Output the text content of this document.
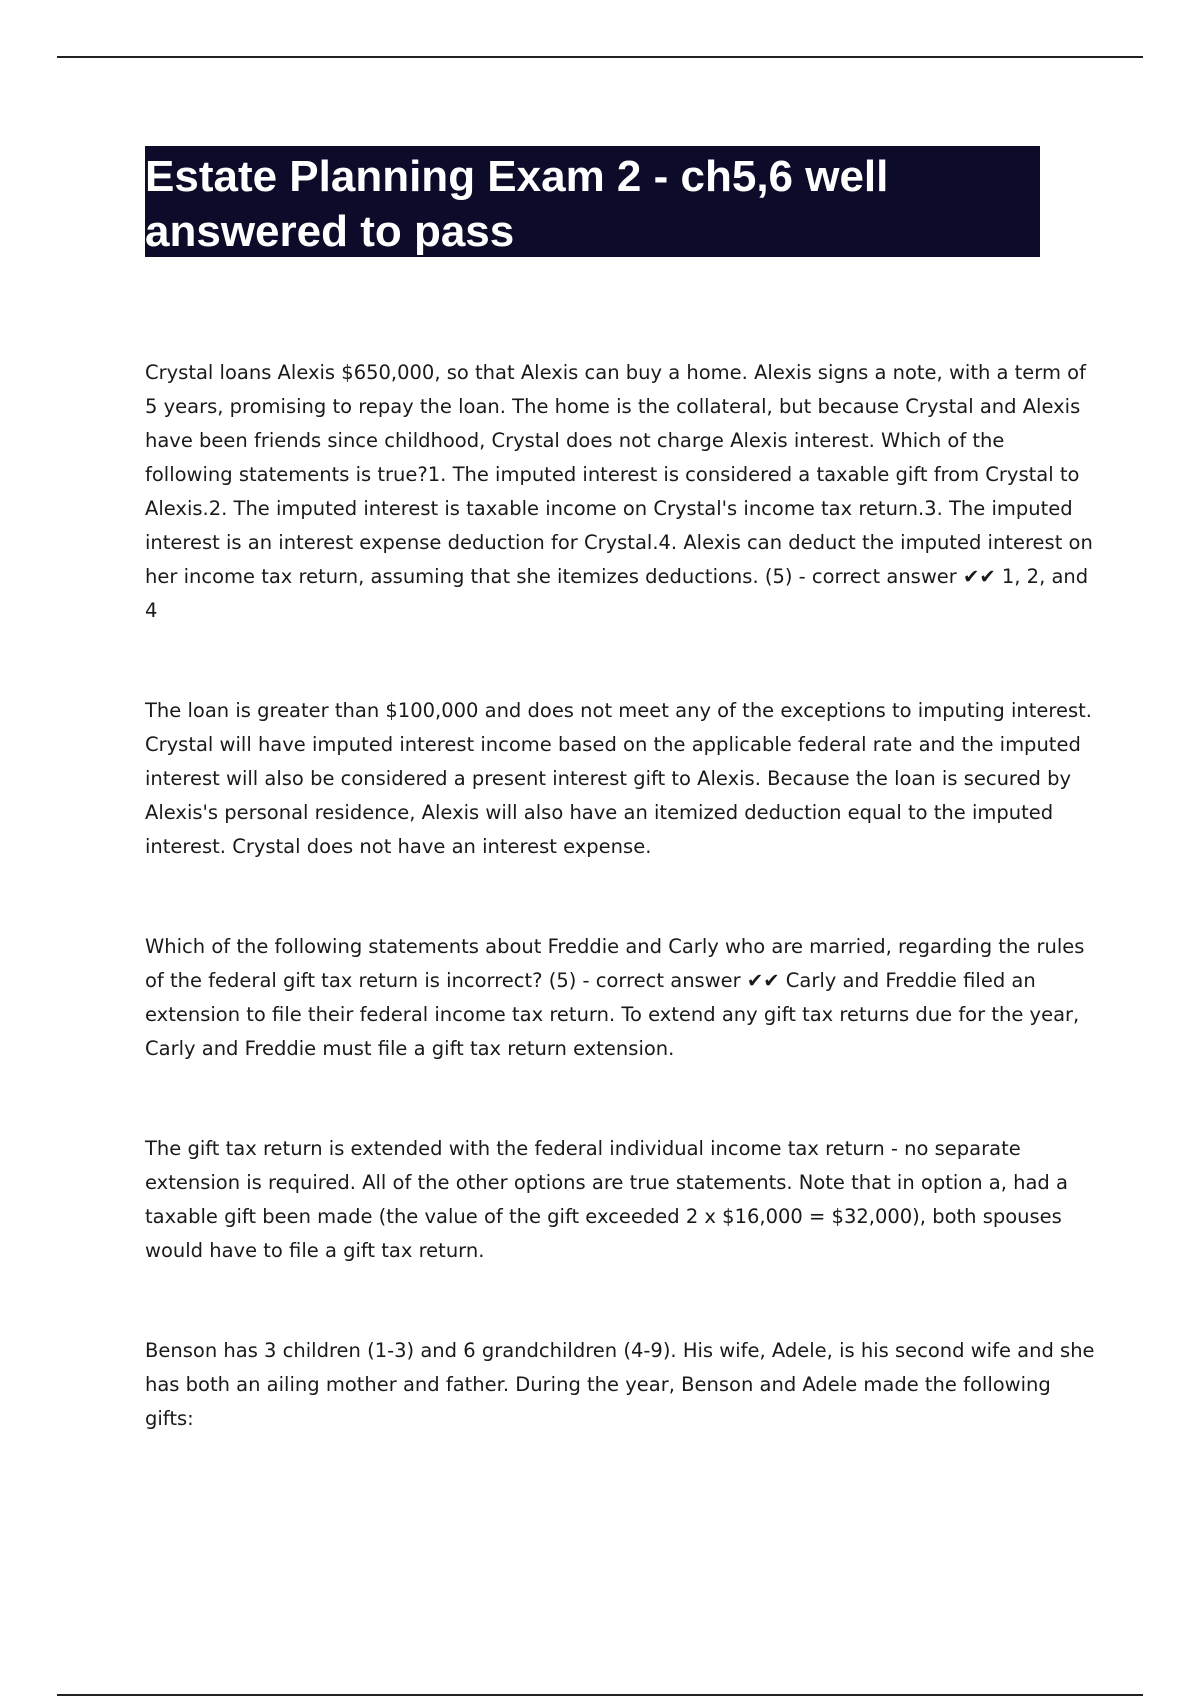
Estate Planning Exam 2 - ch5,6 well answered to pass

Crystal loans Alexis $650,000, so that Alexis can buy a home. Alexis signs a note, with a term of 5 years, promising to repay the loan. The home is the collateral, but because Crystal and Alexis have been friends since childhood, Crystal does not charge Alexis interest. Which of the following statements is true?1. The imputed interest is considered a taxable gift from Crystal to Alexis.2. The imputed interest is taxable income on Crystal's income tax return.3. The imputed interest is an interest expense deduction for Crystal.4. Alexis can deduct the imputed interest on her income tax return, assuming that she itemizes deductions. (5) - correct answer ✔✔ 1, 2, and 4

The loan is greater than $100,000 and does not meet any of the exceptions to imputing interest. Crystal will have imputed interest income based on the applicable federal rate and the imputed interest will also be considered a present interest gift to Alexis. Because the loan is secured by Alexis's personal residence, Alexis will also have an itemized deduction equal to the imputed interest. Crystal does not have an interest expense.

Which of the following statements about Freddie and Carly who are married, regarding the rules of the federal gift tax return is incorrect? (5) - correct answer ✔✔ Carly and Freddie filed an extension to file their federal income tax return. To extend any gift tax returns due for the year, Carly and Freddie must file a gift tax return extension.

The gift tax return is extended with the federal individual income tax return - no separate extension is required. All of the other options are true statements. Note that in option a, had a taxable gift been made (the value of the gift exceeded 2 x $16,000 = $32,000), both spouses would have to file a gift tax return.

Benson has 3 children (1-3) and 6 grandchildren (4-9). His wife, Adele, is his second wife and she has both an ailing mother and father. During the year, Benson and Adele made the following gifts:
